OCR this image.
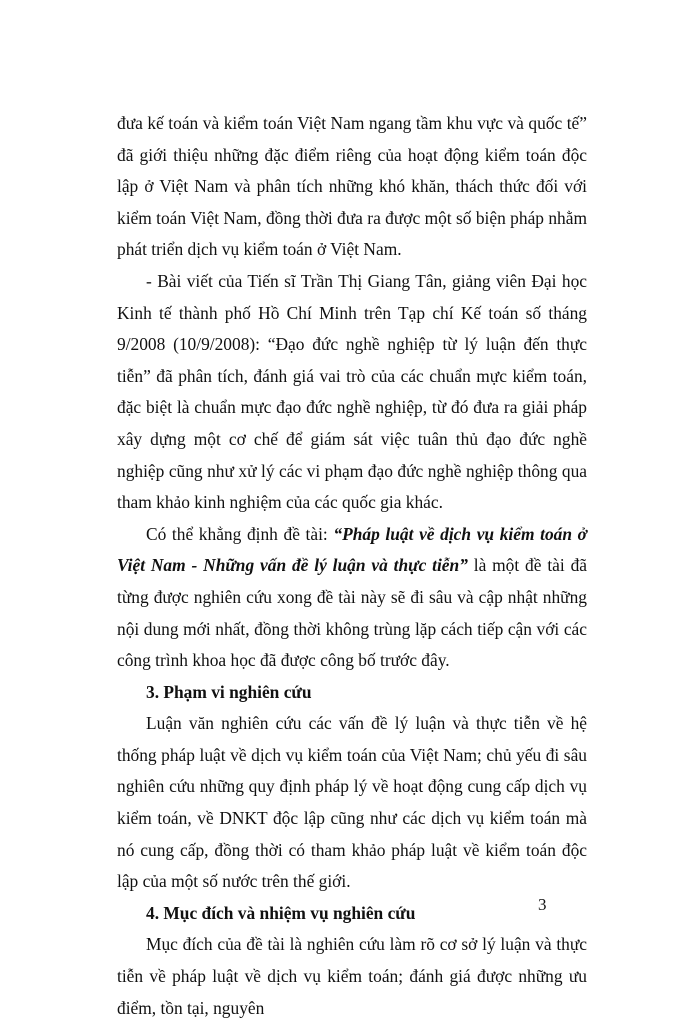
đưa kế toán và kiểm toán Việt Nam ngang tầm khu vực và quốc tế” đã giới thiệu những đặc điểm riêng của hoạt động kiểm toán độc lập ở Việt Nam và phân tích những khó khăn, thách thức đối với kiểm toán Việt Nam, đồng thời đưa ra được một số biện pháp nhằm phát triển dịch vụ kiểm toán ở Việt Nam.

- Bài viết của Tiến sĩ Trần Thị Giang Tân, giảng viên Đại học Kinh tế thành phố Hồ Chí Minh trên Tạp chí Kế toán số tháng 9/2008 (10/9/2008): “Đạo đức nghề nghiệp từ lý luận đến thực tiễn” đã phân tích, đánh giá vai trò của các chuẩn mực kiểm toán, đặc biệt là chuẩn mực đạo đức nghề nghiệp, từ đó đưa ra giải pháp xây dựng một cơ chế để giám sát việc tuân thủ đạo đức nghề nghiệp cũng như xử lý các vi phạm đạo đức nghề nghiệp thông qua tham khảo kinh nghiệm của các quốc gia khác.

Có thể khẳng định đề tài: “Pháp luật về dịch vụ kiểm toán ở Việt Nam - Những vấn đề lý luận và thực tiễn” là một đề tài đã từng được nghiên cứu xong đề tài này sẽ đi sâu và cập nhật những nội dung mới nhất, đồng thời không trùng lặp cách tiếp cận với các công trình khoa học đã được công bố trước đây.

3. Phạm vi nghiên cứu

Luận văn nghiên cứu các vấn đề lý luận và thực tiễn về hệ thống pháp luật về dịch vụ kiểm toán của Việt Nam; chủ yếu đi sâu nghiên cứu những quy định pháp lý về hoạt động cung cấp dịch vụ kiểm toán, về DNKT độc lập cũng như các dịch vụ kiểm toán mà nó cung cấp, đồng thời có tham khảo pháp luật về kiểm toán độc lập của một số nước trên thế giới.

4. Mục đích và nhiệm vụ nghiên cứu

Mục đích của đề tài là nghiên cứu làm rõ cơ sở lý luận và thực tiễn về pháp luật về dịch vụ kiểm toán; đánh giá được những ưu điểm, tồn tại, nguyên

3
